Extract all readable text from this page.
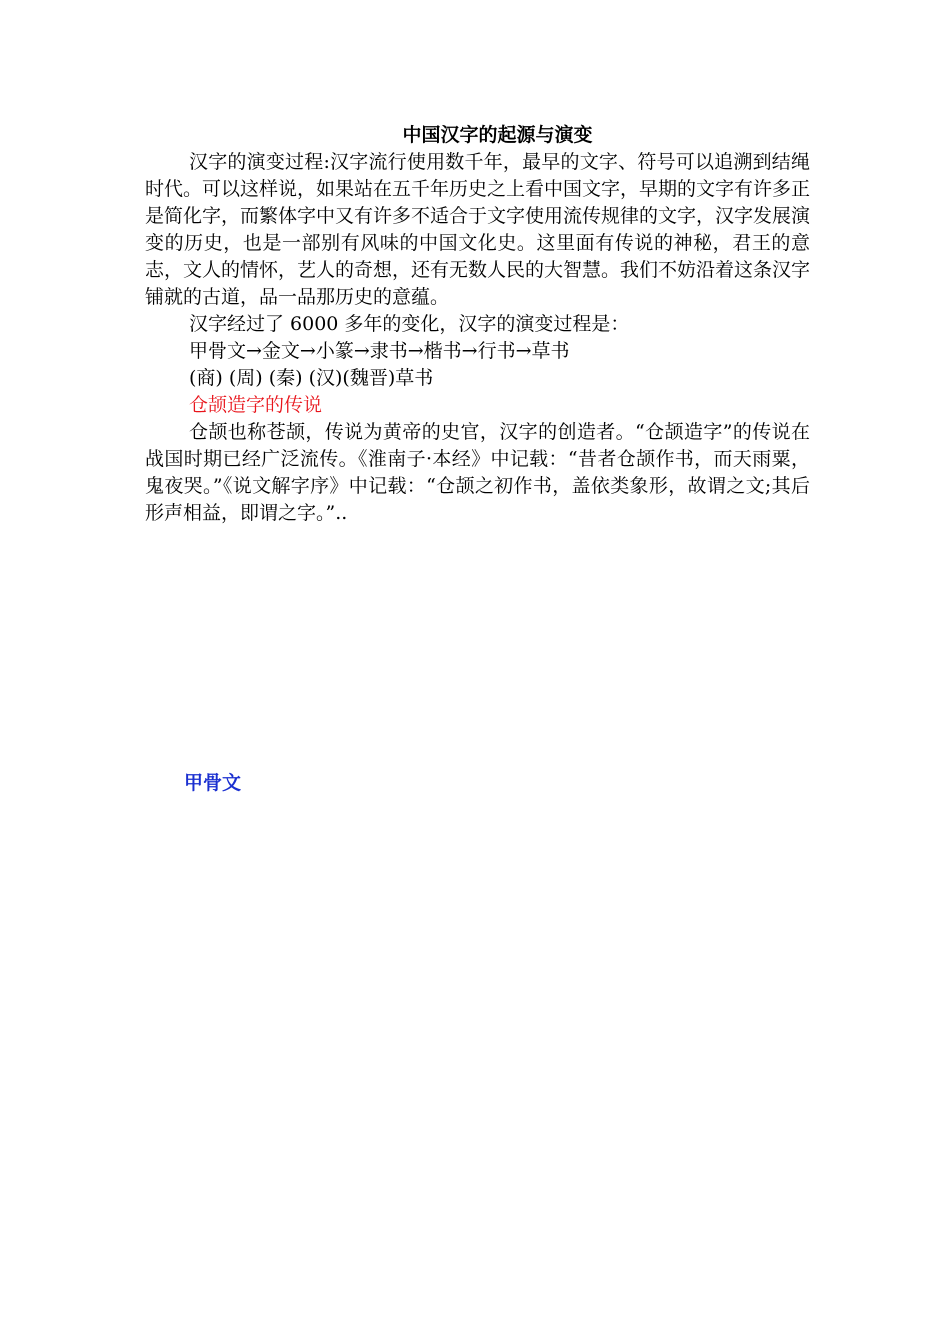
中国汉字的起源与演变

汉字的演变过程:汉字流行使用数千年，最早的文字、符号可以追溯到结绳时代。可以这样说，如果站在五千年历史之上看中国文字，早期的文字有许多正是简化字，而繁体字中又有许多不适合于文字使用流传规律的文字，汉字发展演变的历史，也是一部别有风味的中国文化史。这里面有传说的神秘，君王的意志，文人的情怀，艺人的奇想，还有无数人民的大智慧。我们不妨沿着这条汉字铺就的古道，品一品那历史的意蕴。

汉字经过了 6000 多年的变化，汉字的演变过程是：

甲骨文→金文→小篆→隶书→楷书→行书→草书

(商) (周) (秦) (汉)(魏晋)草书

仓颉造字的传说

仓颉也称苍颉，传说为黄帝的史官，汉字的创造者。“仓颉造字”的传说在战国时期已经广泛流传。《淮南子·本经》中记载：“昔者仓颉作书，而天雨粟，鬼夜哭。”《说文解字序》中记载：“仓颉之初作书，盖依类象形，故谓之文;其后形声相益，即谓之字。”..

甲骨文
